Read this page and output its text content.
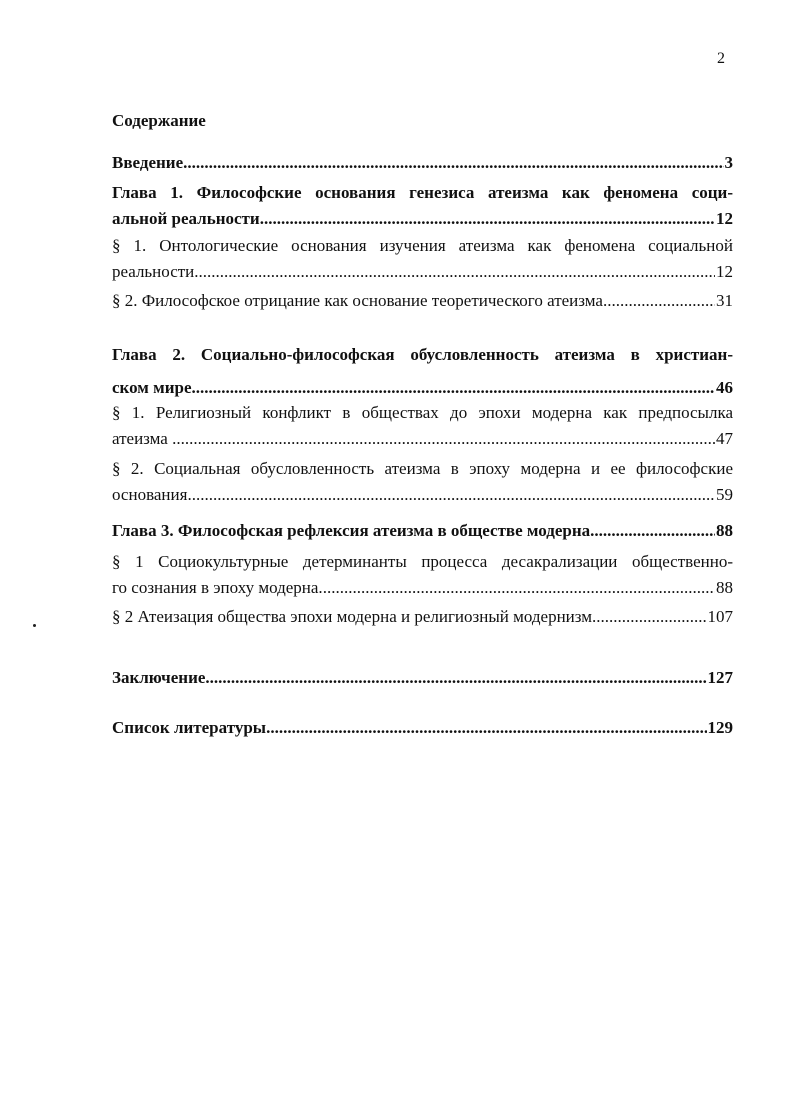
2
Содержание
Введение .....	3
Глава 1. Философские основания генезиса атеизма как феномена соци-
альной реальности .....	12
§ 1. Онтологические основания изучения атеизма как феномена социальной
реальности. .....	12
§ 2. Философское отрицание как основание теоретического атеизма. .....	31
Глава 2. Социально-философская обусловленность атеизма в христиан-
ском мире .....	46
§ 1. Религиозный конфликт в обществах до эпохи модерна как предпосылка
атеизма .. .....	47
§ 2. Социальная обусловленность атеизма в эпоху модерна и ее философские
основания .....	59
Глава 3. Философская рефлексия атеизма в обществе модерна.. .....	88
§ 1 Социокультурные детерминанты процесса десакрализации общественно-
го сознания в эпоху модерна. .....	88
§ 2 Атеизация общества эпохи модерна и религиозный модернизм. .....	107
Заключение .....	127
Список литературы .....	129
